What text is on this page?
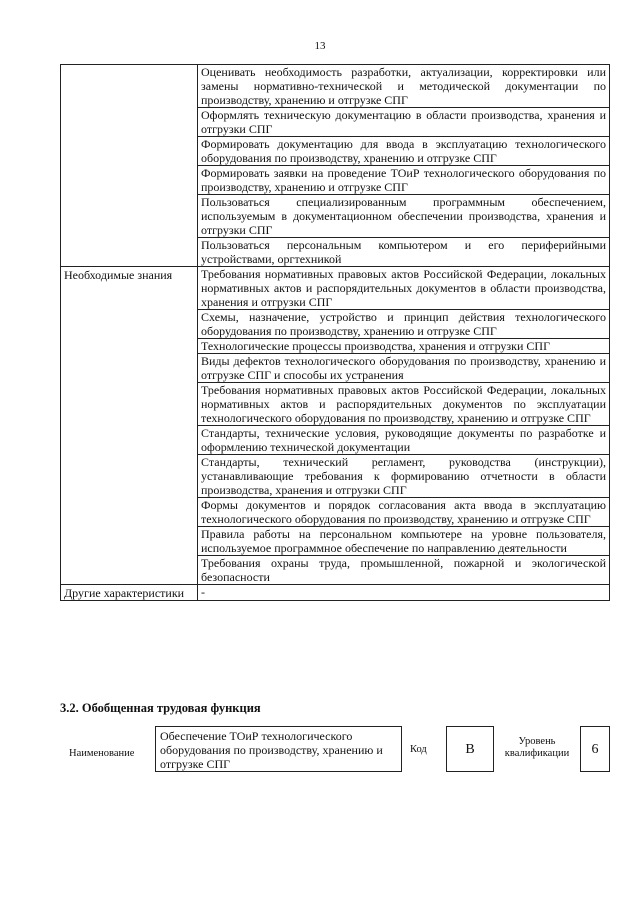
13
	Оценивать необходимость разработки, актуализации, корректировки или замены нормативно-технической и методической документации по производству, хранению и отгрузке СПГ
	Оформлять техническую документацию в области производства, хранения и отгрузки СПГ
	Формировать документацию для ввода в эксплуатацию технологического оборудования по производству, хранению и отгрузке СПГ
	Формировать заявки на проведение ТОиР технологического оборудования по производству, хранению и отгрузке СПГ
	Пользоваться специализированным программным обеспечением, используемым в документационном обеспечении производства, хранения и отгрузки СПГ
	Пользоваться персональным компьютером и его периферийными устройствами, оргтехникой
Необходимые знания	Требования нормативных правовых актов Российской Федерации, локальных нормативных актов и распорядительных документов в области производства, хранения и отгрузки СПГ
	Схемы, назначение, устройство и принцип действия технологического оборудования по производству, хранению и отгрузке СПГ
	Технологические процессы производства, хранения и отгрузки СПГ
	Виды дефектов технологического оборудования по производству, хранению и отгрузке СПГ и способы их устранения
	Требования нормативных правовых актов Российской Федерации, локальных нормативных актов и распорядительных документов по эксплуатации технологического оборудования по производству, хранению и отгрузке СПГ
	Стандарты, технические условия, руководящие документы по разработке и оформлению технической документации
	Стандарты, технический регламент, руководства (инструкции), устанавливающие требования к формированию отчетности в области производства, хранения и отгрузки СПГ
	Формы документов и порядок согласования акта ввода в эксплуатацию технологического оборудования по производству, хранению и отгрузке СПГ
	Правила работы на персональном компьютере на уровне пользователя, используемое программное обеспечение по направлению деятельности
	Требования охраны труда, промышленной, пожарной и экологической безопасности
Другие характеристики	-
3.2. Обобщенная трудовая функция
Наименование
Обеспечение ТОиР технологического оборудования по производству, хранению и отгрузке СПГ
Код	B
Уровень квалификации	6
